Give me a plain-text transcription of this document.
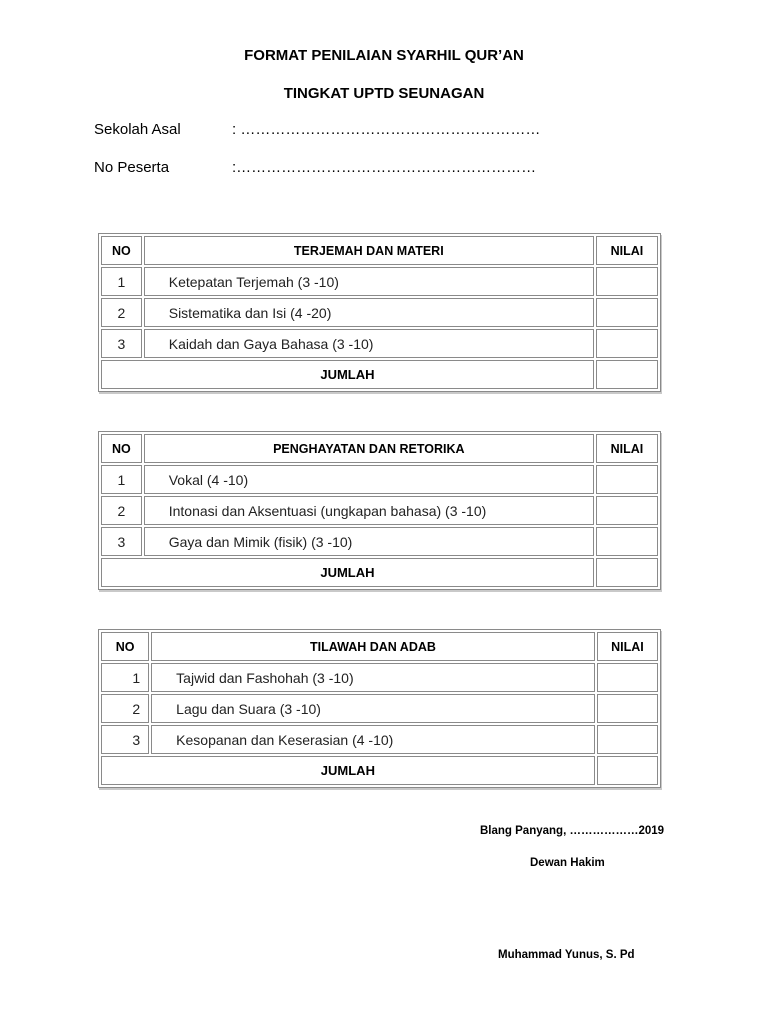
FORMAT PENILAIAN SYARHIL QUR’AN
TINGKAT UPTD SEUNAGAN
Sekolah Asal	: ……………………………………………………
No Peserta	:……………………………………………………
NO	TERJEMAH DAN MATERI	NILAI
1	Ketepatan Terjemah (3 -10)	
2	Sistematika dan Isi (4 -20)	
3	Kaidah dan Gaya Bahasa (3 -10)	
JUMLAH		
NO	PENGHAYATAN DAN RETORIKA	NILAI
1	Vokal (4 -10)	
2	Intonasi dan Aksentuasi (ungkapan bahasa) (3 -10)	
3	Gaya dan Mimik (fisik) (3 -10)	
JUMLAH		
NO	TILAWAH DAN ADAB	NILAI
1	Tajwid dan Fashohah (3 -10)	
2	Lagu dan Suara (3 -10)	
3	Kesopanan dan Keserasian (4 -10)	
JUMLAH		
Blang Panyang, ………………2019
Dewan Hakim
Muhammad Yunus, S. Pd
